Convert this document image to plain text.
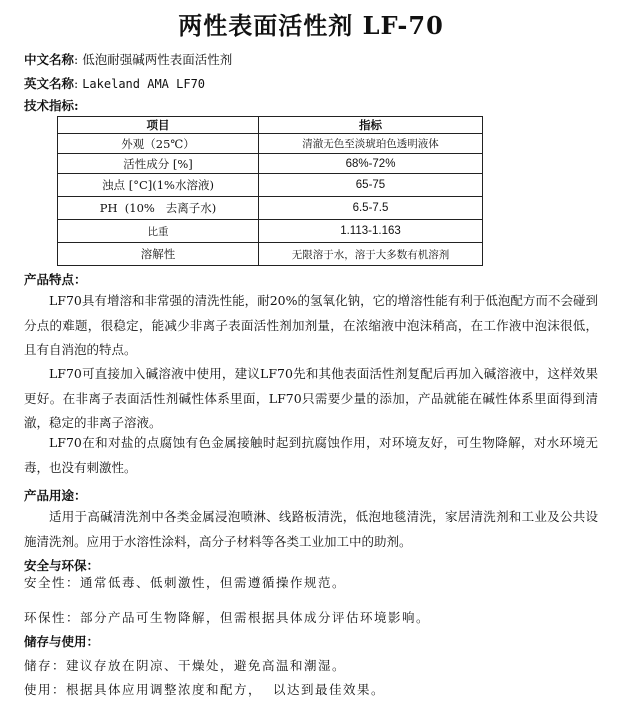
两性表面活性剂 LF-70
中文名称: 低泡耐强碱两性表面活性剂
英文名称: Lakeland AMA LF70
技术指标:
项目	指标
外观（25℃）	清澈无色至淡琥珀色透明液体
活性成分 [%]	68%-72%
浊点 [°C](1%水溶液)	65-75
PH  (10%   去离子水)	6.5-7.5
比重	1.113-1.163
溶解性	无限溶于水，溶于大多数有机溶剂
产品特点：
LF70具有增溶和非常强的清洗性能，耐20%的氢氧化钠，它的增溶性能有利于低泡配方而不会碰到分点的难题，很稳定，能减少非离子表面活性剂加剂量，在浓缩液中泡沫稍高，在工作液中泡沫很低，且有自消泡的特点。
LF70可直接加入碱溶液中使用，建议LF70先和其他表面活性剂复配后再加入碱溶液中，这样效果更好。在非离子表面活性剂碱性体系里面，LF70只需要少量的添加，产品就能在碱性体系里面得到清澈，稳定的非离子溶液。
LF70在和对盐的点腐蚀有色金属接触时起到抗腐蚀作用，对环境友好，可生物降解，对水环境无毒，也没有刺激性。
产品用途：
适用于高碱清洗剂中各类金属浸泡喷淋、线路板清洗，低泡地毯清洗，家居清洗剂和工业及公共设施清洗剂。应用于水溶性涂料，高分子材料等各类工业加工中的助剂。
安全与环保：
安全性：通常低毒、低刺激性，但需遵循操作规范。
环保性：部分产品可生物降解，但需根据具体成分评估环境影响。
储存与使用：
储存：建议存放在阴凉、干燥处，避免高温和潮湿。
使用：根据具体应用调整浓度和配方，  以达到最佳效果。
